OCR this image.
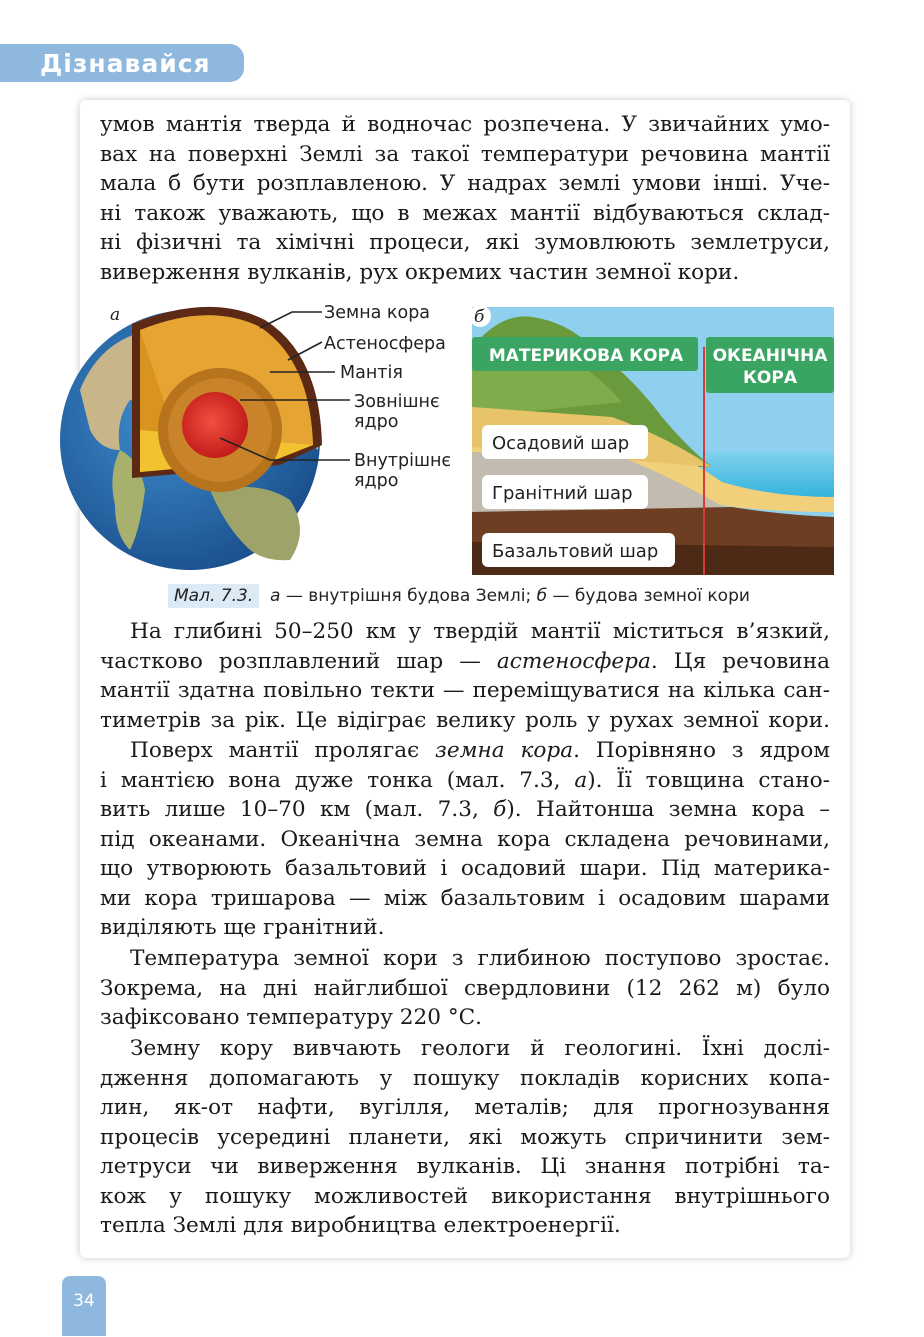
Дізнавайся
умов мантія тверда й водночас розпечена. У звичайних умо-
вах на поверхні Землі за такої температури речовина мантії
мала б бути розплавленою. У надрах землі умови інші. Уче-
ні також уважають, що в межах мантії відбуваються склад-
ні фізичні та хімічні процеси, які зумовлюють землетруси,
виверження вулканів, рух окремих частин земної кори.
а	Земна кора
Астеносфера
Мантія
Зовнішнє
ядро
Внутрішнє
ядро
МАТЕРИКОВА КОРА ОКЕАНІЧНА
КОРА
Осадовий шар
Гранітний шар
Базальтовий шар
б
Мал. 7.3. а — внутрішня будова Землі; б — будова земної кори
На глибині 50–250 км у твердій мантії міститься в’язкий,
частково розплавлений шар — астеносфера. Ця речовина
мантії здатна повільно текти — переміщуватися на кілька сан-
тиметрів за рік. Це відіграє велику роль у рухах земної кори.
Поверх мантії пролягає земна кора. Порівняно з ядром
і мантією вона дуже тонка (мал. 7.3, а). Її товщина стано-
вить лише 10–70 км (мал. 7.3, б). Найтонша земна кора –
під океанами. Океанічна земна кора складена речовинами,
що утворюють базальтовий і осадовий шари. Під материка-
ми кора тришарова — між базальтовим і осадовим шарами
виділяють ще гранітний.
Температура земної кори з глибиною поступово зростає.
Зокрема, на дні найглибшої свердловини (12 262 м) було
зафіксовано температуру 220 °С.
Земну кору вивчають геологи й геологині. Їхні дослі-
дження допомагають у пошуку покладів корисних копа-
лин, як-от нафти, вугілля, металів; для прогнозування
процесів усередині планети, які можуть спричинити зем-
летруси чи виверження вулканів. Ці знання потрібні та-
кож у пошуку можливостей використання внутрішнього
тепла Землі для виробництва електроенергії.
34
